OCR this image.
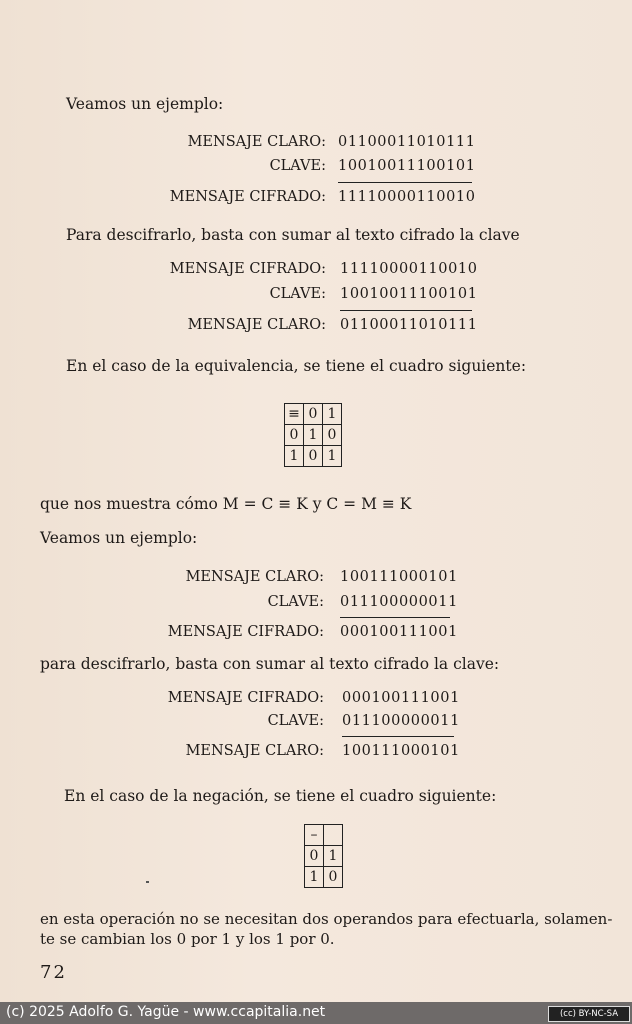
Veamos un ejemplo:
MENSAJE CLARO: 01100011010111
CLAVE: 10010011100101
MENSAJE CIFRADO: 11110000110010
Para descifrarlo, basta con sumar al texto cifrado la clave
MENSAJE CIFRADO: 11110000110010
CLAVE: 10010011100101
MENSAJE CLARO: 01100011010111
En el caso de la equivalencia, se tiene el cuadro siguiente:
≡	0	1
0	1	0
1	0	1
que nos muestra cómo M = C ≡ K y C = M ≡ K
Veamos un ejemplo:
MENSAJE CLARO: 100111000101
CLAVE: 011100000011
MENSAJE CIFRADO: 000100111001
para descifrarlo, basta con sumar al texto cifrado la clave:
MENSAJE CIFRADO: 000100111001
CLAVE: 011100000011
MENSAJE CLARO: 100111000101
En el caso de la negación, se tiene el cuadro siguiente:
–	
0	1
1	0
en esta operación no se necesitan dos operandos para efectuarla, solamen-
te se cambian los 0 por 1 y los 1 por 0.
72
(c) 2025 Adolfo G. Yagüe - www.ccapitalia.net	(cc) BY-NC-SA
